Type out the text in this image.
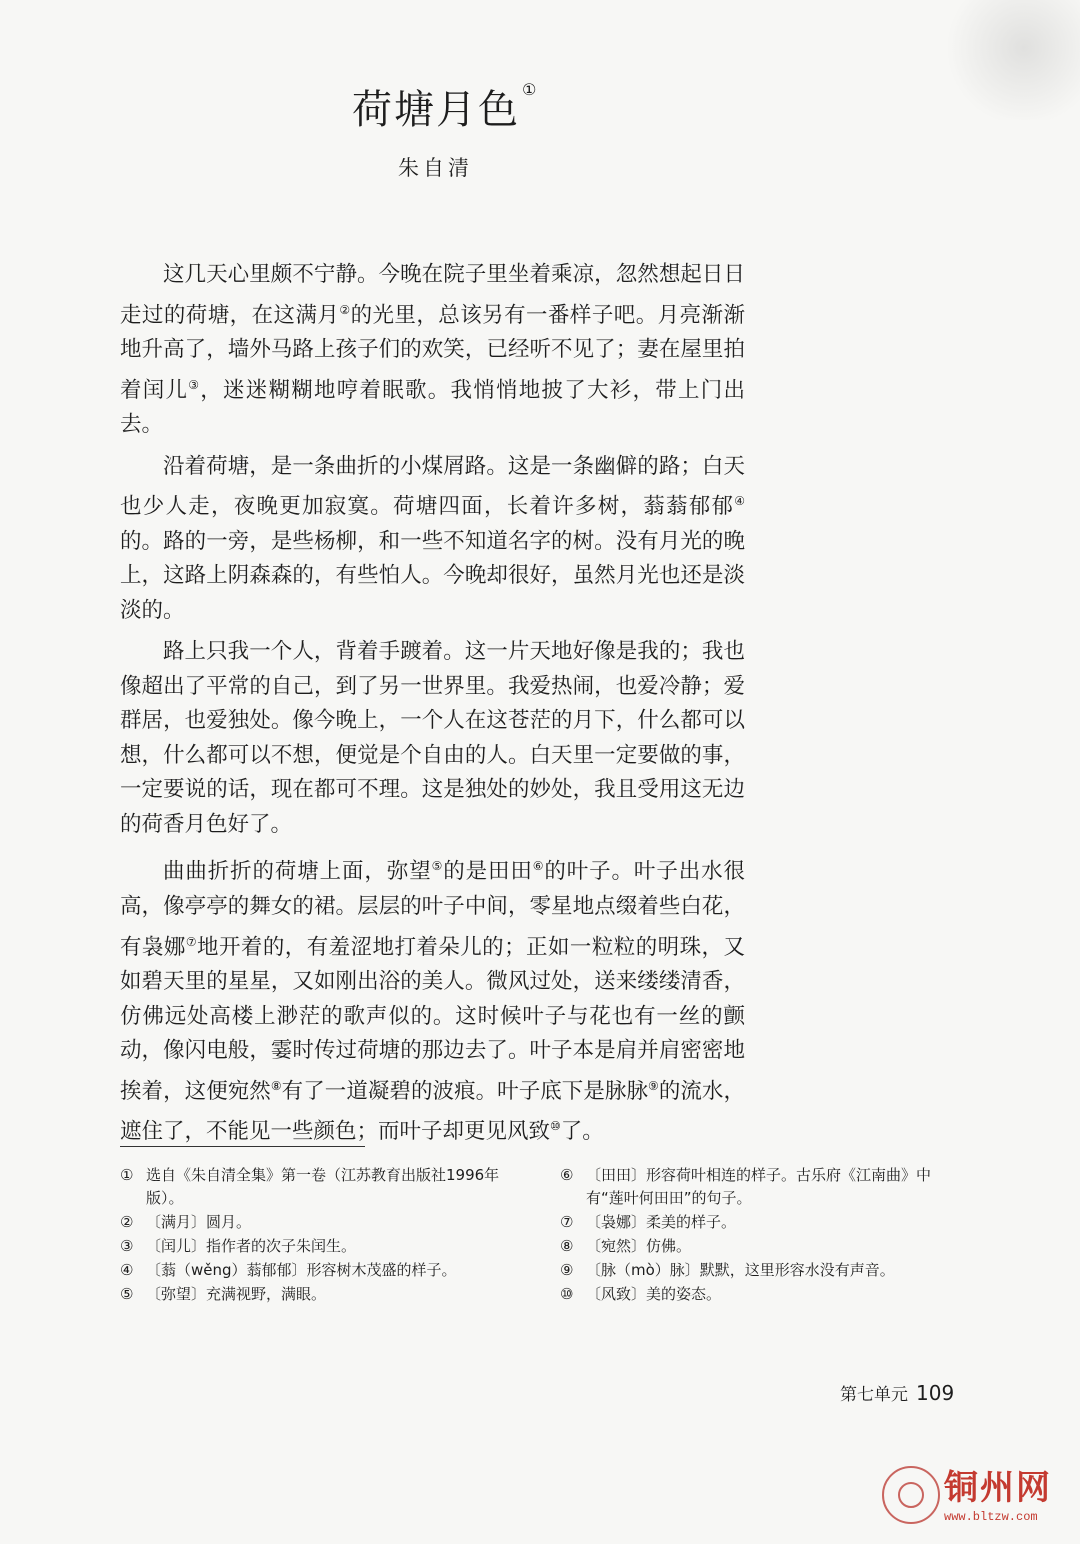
荷塘月色 ①
朱自清

这几天心里颇不宁静。今晚在院子里坐着乘凉，忽然想起日日走过的荷塘，在这满月②的光里，总该另有一番样子吧。月亮渐渐地升高了，墙外马路上孩子们的欢笑，已经听不见了；妻在屋里拍着闰儿③，迷迷糊糊地哼着眠歌。我悄悄地披了大衫，带上门出去。

沿着荷塘，是一条曲折的小煤屑路。这是一条幽僻的路；白天也少人走，夜晚更加寂寞。荷塘四面，长着许多树，蓊蓊郁郁④的。路的一旁，是些杨柳，和一些不知道名字的树。没有月光的晚上，这路上阴森森的，有些怕人。今晚却很好，虽然月光也还是淡淡的。

路上只我一个人，背着手踱着。这一片天地好像是我的；我也像超出了平常的自己，到了另一世界里。我爱热闹，也爱冷静；爱群居，也爱独处。像今晚上，一个人在这苍茫的月下，什么都可以想，什么都可以不想，便觉是个自由的人。白天里一定要做的事，一定要说的话，现在都可不理。这是独处的妙处，我且受用这无边的荷香月色好了。

曲曲折折的荷塘上面，弥望⑤的是田田⑥的叶子。叶子出水很高，像亭亭的舞女的裙。层层的叶子中间，零星地点缀着些白花，有袅娜⑦地开着的，有羞涩地打着朵儿的；正如一粒粒的明珠，又如碧天里的星星，又如刚出浴的美人。微风过处，送来缕缕清香，仿佛远处高楼上渺茫的歌声似的。这时候叶子与花也有一丝的颤动，像闪电般，霎时传过荷塘的那边去了。叶子本是肩并肩密密地挨着，这便宛然⑧有了一道凝碧的波痕。叶子底下是脉脉⑨的流水，遮住了，不能见一些颜色；而叶子却更见风致⑩了。

① 选自《朱自清全集》第一卷（江苏教育出版社1996年版）。
② 〔满月〕圆月。
③ 〔闰儿〕指作者的次子朱闰生。
④ 〔蓊（wěng）蓊郁郁〕形容树木茂盛的样子。
⑤ 〔弥望〕充满视野，满眼。
⑥ 〔田田〕形容荷叶相连的样子。古乐府《江南曲》中有“莲叶何田田”的句子。
⑦ 〔袅娜〕柔美的样子。
⑧ 〔宛然〕仿佛。
⑨ 〔脉（mò）脉〕默默，这里形容水没有声音。
⑩ 〔风致〕美的姿态。
第七单元 109
铜州网
www.bltzw.com
